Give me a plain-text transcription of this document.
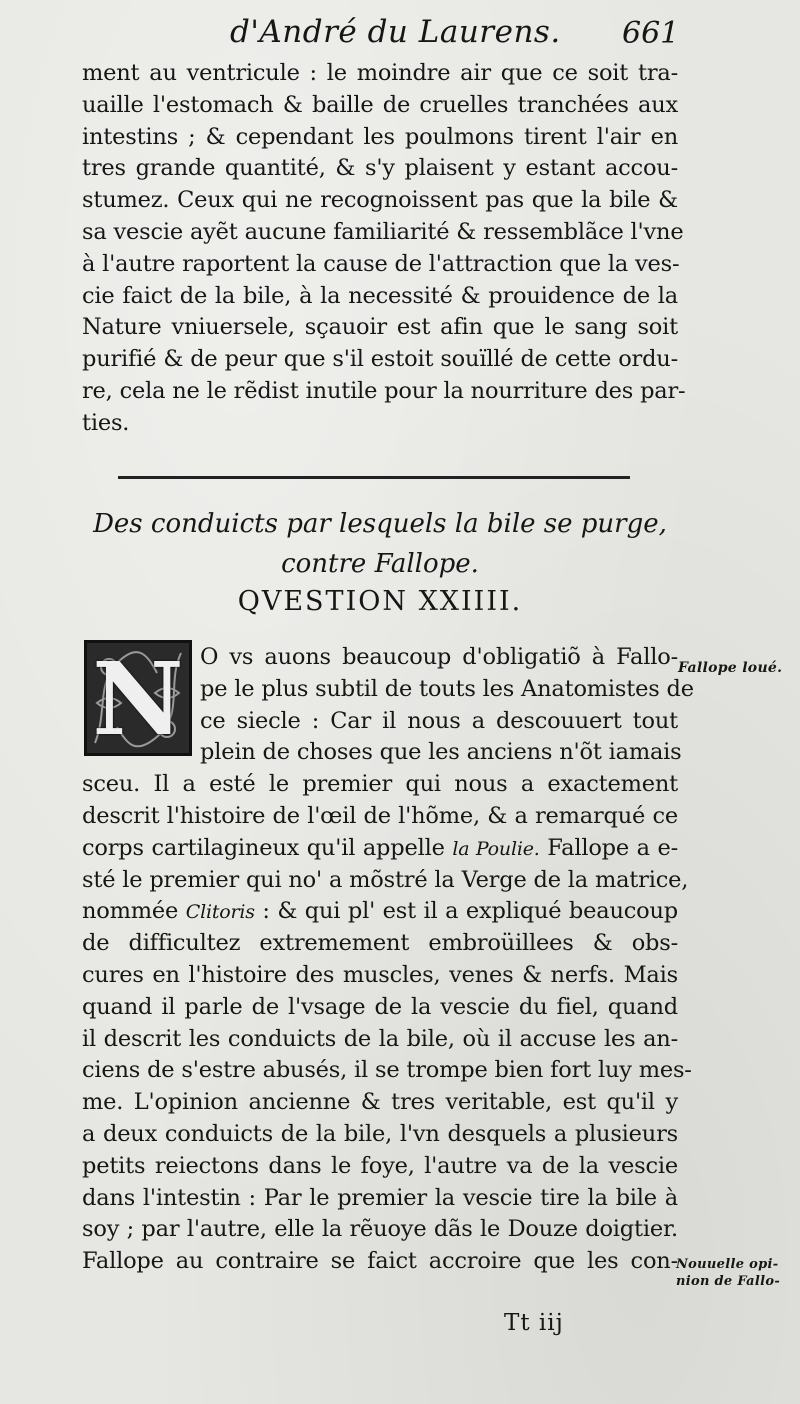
d'André du Laurens. 661
ment au ventricule : le moindre air que ce soit tra-
uaille l'estomach & baille de cruelles tranchées aux
intestins ; & cependant les poulmons tirent l'air en
tres grande quantité, & s'y plaisent y estant accou-
stumez. Ceux qui ne recognoissent pas que la bile &
sa vescie ayẽt aucune familiarité & ressemblãce l'vne
à l'autre raportent la cause de l'attraction que la ves-
cie faict de la bile, à la necessité & prouidence de la
Nature vniuersele, sçauoir est afin que le sang soit
purifié & de peur que s'il estoit souïllé de cette ordu-
re, cela ne le rẽdist inutile pour la nourriture des par-
ties.
Des conduicts par lesquels la bile se purge,
contre Fallope.
QVESTION XXIIII.
N O vs auons beaucoup d'obligatiõ à Fallo-
pe le plus subtil de touts les Anatomistes de
ce siecle : Car il nous a descouuert tout
plein de choses que les anciens n'õt iamais
sceu. Il a esté le premier qui nous a exactement
descrit l'histoire de l'œil de l'hõme, & a remarqué ce
corps cartilagineux qu'il appelle la Poulie. Fallope a e-
sté le premier qui no' a mõstré la Verge de la matrice,
nommée Clitoris : & qui pl' est il a expliqué beaucoup
de difficultez extremement embroüillees & obs-
cures en l'histoire des muscles, venes & nerfs. Mais
quand il parle de l'vsage de la vescie du fiel, quand
il descrit les conduicts de la bile, où il accuse les an-
ciens de s'estre abusés, il se trompe bien fort luy mes-
me. L'opinion ancienne & tres veritable, est qu'il y
a deux conduicts de la bile, l'vn desquels a plusieurs
petits reiectons dans le foye, l'autre va de la vescie
dans l'intestin : Par le premier la vescie tire la bile à
soy ; par l'autre, elle la rẽuoye dãs le Douze doigtier.
Fallope au contraire se faict accroire que les con-
Fallope loué.
Nouuelle opi-nion de Fallo-
Tt iij
